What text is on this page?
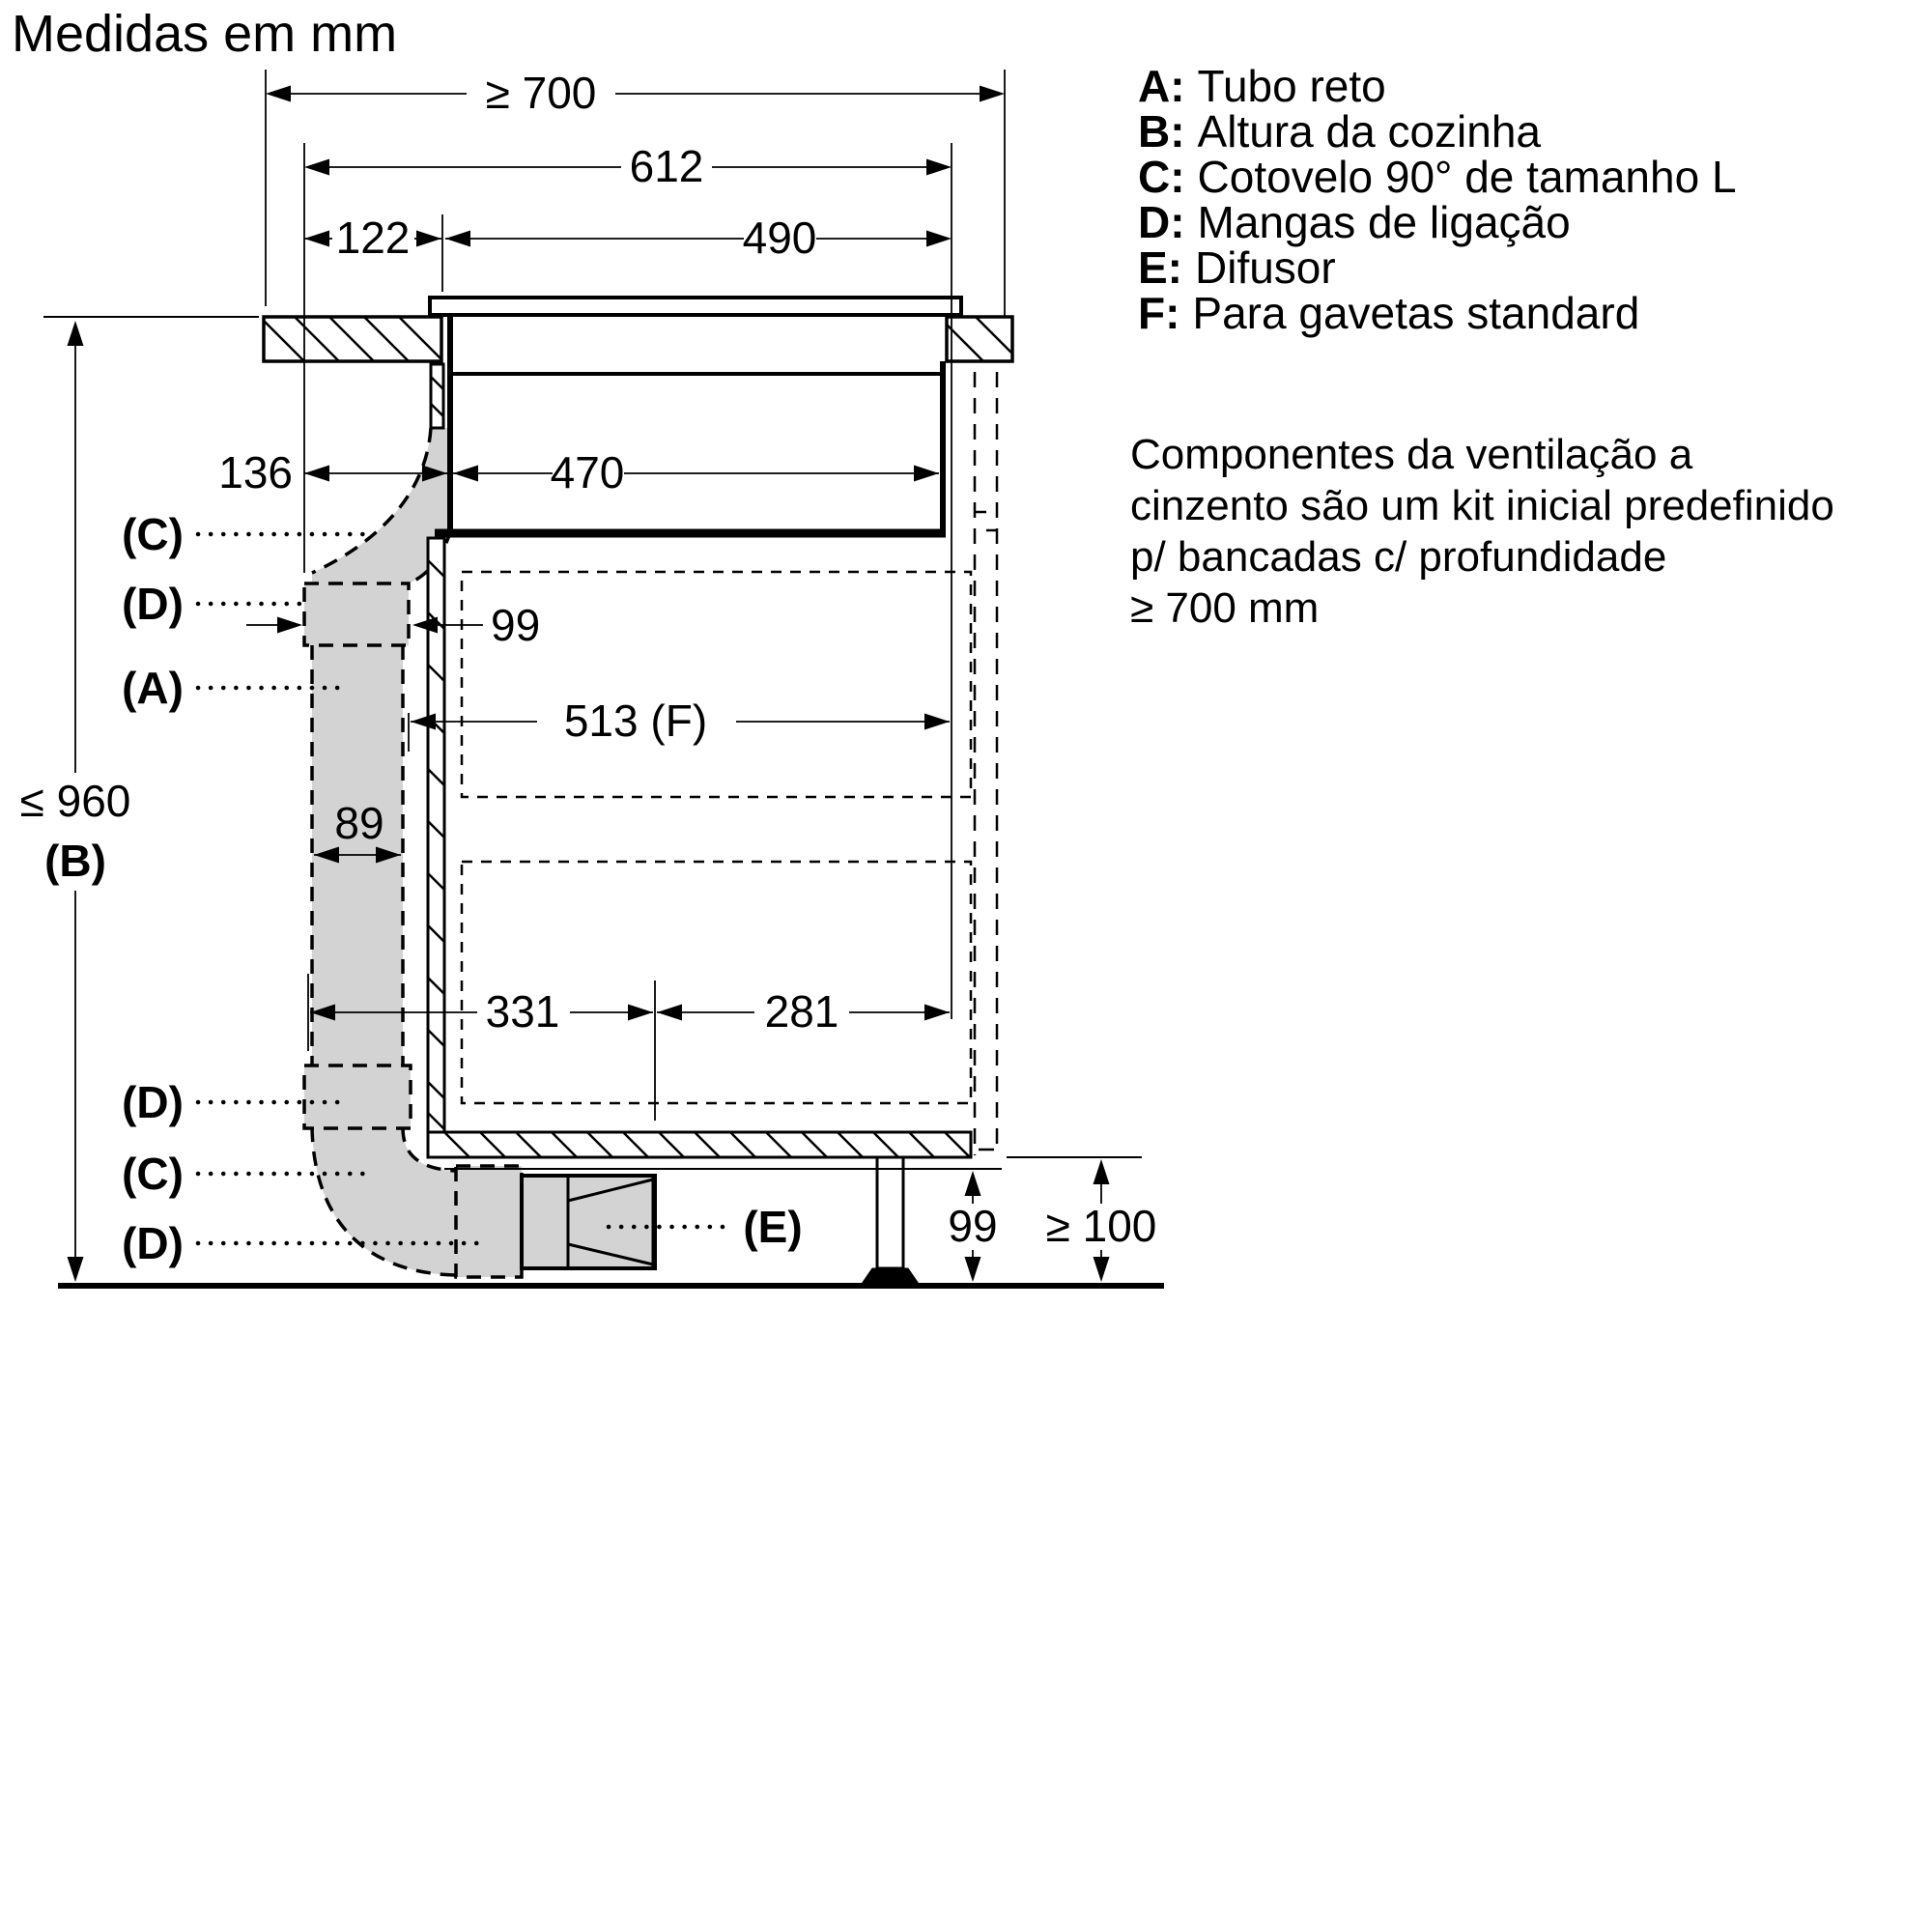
Medidas em mm
A: Tubo reto
B: Altura da cozinha
C: Cotovelo 90° de tamanho L
D: Mangas de ligação
E: Difusor
F: Para gavetas standard
Componentes da ventilação a
cinzento são um kit inicial predefinido
p/ bancadas c/ profundidade
≥ 700 mm
≥ 700
612
122	490
136	470
99
89
513 (F)
331	281
≤ 960
(B)
99 ≥ 100
(C)
(D)
(A)
(D)
(C)
(D)	(E)
